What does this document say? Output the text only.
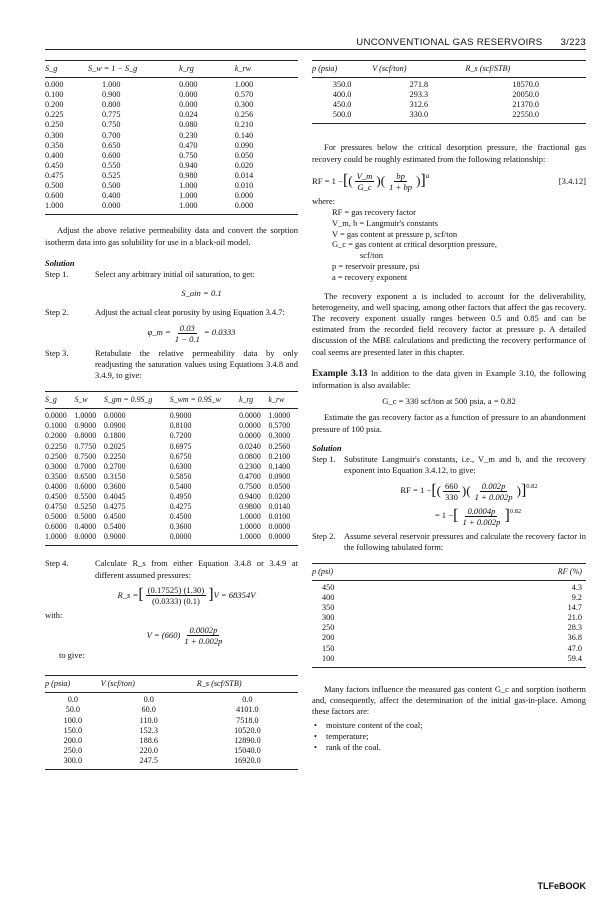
UNCONVENTIONAL GAS RESERVOIRS 3/223
S_g	S_w = 1 − S_g	k_rg	k_rw
0.000	1.000	0.000	1.000
0.100	0.900	0.000	0.570
0.200	0.800	0.000	0.300
0.225	0.775	0.024	0.256
0.250	0.750	0.080	0.210
0.300	0.700	0.230	0.140
0.350	0.650	0.470	0.090
0.400	0.600	0.750	0.050
0.450	0.550	0.940	0.020
0.475	0.525	0.980	0.014
0.500	0.500	1.000	0.010
0.600	0.400	1.000	0.000
1.000	0.000	1.000	0.000

Adjust the above relative permeability data and convert the sorption isotherm data into gas solubility for use in a black-oil model.

Solution

Step 1.	Select any arbitrary initial oil saturation, to get:
S_oin = 0.1
Step 2.	Adjust the actual cleat porosity by using Equation 3.4.7:
φ_m = $\frac{0.03}{1 - 0.1} = 0.0333$
Step 3.	Retabulate the relative permeability data by only readjusting the saturation values using Equations 3.4.8 and 3.4.9, to give:
S_g	S_w	S_gm = 0.9S_g	S_wm = 0.9S_w	k_rg	k_rw
0.0000	1.0000	0.0000	0.9000	0.0000	1.0000
0.1000	0.9000	0.0900	0.8100	0.0000	0.5700
0.2000	0.8000	0.1800	0.7200	0.0000	0.3000
0.2250	0.7750	0.2025	0.6975	0.0240	0.2560
0.2500	0.7500	0.2250	0.6750	0.0800	0.2100
0.3000	0.7000	0.2700	0.6300	0.2300	0.1400
0.3500	0.6500	0.3150	0.5850	0.4700	0.0900
0.4000	0.6000	0.3600	0.5400	0.7500	0.0500
0.4500	0.5500	0.4045	0.4950	0.9400	0.0200
0.4750	0.5250	0.4275	0.4275	0.9800	0.0140
0.5000	0.5000	0.4500	0.4500	1.0000	0.0100
0.6000	0.4000	0.5400	0.3600	1.0000	0.0000
1.0000	0.0000	0.9000	0.0000	1.0000	0.0000
Step 4.	Calculate R_s from either Equation 3.4.8 or 3.4.9 at different assumed pressures:
R_s = [ $\frac{(0.17525) (1.30)}{(0.0333) (0.1)}$ ] V = 68354V

with:

$V = (660) \frac{0.0002p}{1 + 0.002p}$

to give:

p (psia)	V (scf/ton)	R_s (scf/STB)
0.0	0.0	0.0
50.0	60.0	4101.0
100.0	110.0	7518.0
150.0	152.3	10520.0
200.0	188.6	12890.0
250.0	220.0	15040.0
300.0	247.5	16920.0
p (psia)	V (scf/ton)	R_s (scf/STB)
350.0	271.8	18570.0
400.0	293.3	20050.0
450.0	312.6	21370.0
500.0	330.0	22550.0

For pressures below the critical desorption pressure, the fractional gas recovery could be roughly estimated from the following relationship:

RF = 1 − [ ( $\frac{V\_m}{G\_c}$ ) ( $\frac{bp}{1 + bp}$ ) ]$^a$	[3.4.12]

where:

RF = gas recovery factor
V_m, b = Langmuir's constants
V = gas content at pressure p, scf/ton
G_c = gas content at critical desorption pressure,
scf/ton
p = reservoir pressure, psi
a = recovery exponent

The recovery exponent a is included to account for the deliverability, heterogeneity, and well spacing, among other factors that affect the gas recovery. The recovery exponent usually ranges between 0.5 and 0.85 and can be estimated from the recorded field recovery factor at pressure p. A detailed discussion of the MBE calculations and predicting the recovery performance of coal seems are presented later in this chapter.

Example 3.13 In addition to the data given in Example 3.10, the following information is also available:

G_c = 330 scf/ton at 500 psia, a = 0.82

Estimate the gas recovery factor as a function of pressure to an abandonment pressure of 100 psia.

Solution

Step 1.	Substitute Langmuir's constants, i.e., V_m and b, and the recovery exponent into Equation 3.4.12, to give:
RF = 1 − [ ( $\frac{660}{330}$ ) ( $\frac{0.002p}{1 + 0.002p}$ ) ]$^{0.82}$
= 1 − [ $\frac{0.0004p}{1 + 0.002p} ]^{0.82}$
Step 2.	Assume several reservoir pressures and calculate the recovery factor in the following tabulated form:
p (psi)	RF (%)
450	4.3
400	9.2
350	14.7
300	21.0
250	28.3
200	36.8
150	47.0
100	59.4

Many factors influence the measured gas content G_c and sorption isotherm and, consequently, affect the determination of the initial gas-in-place. Among these factors are:

• moisture content of the coal;
• temperature;
• rank of the coal.
TLFeBOOK
